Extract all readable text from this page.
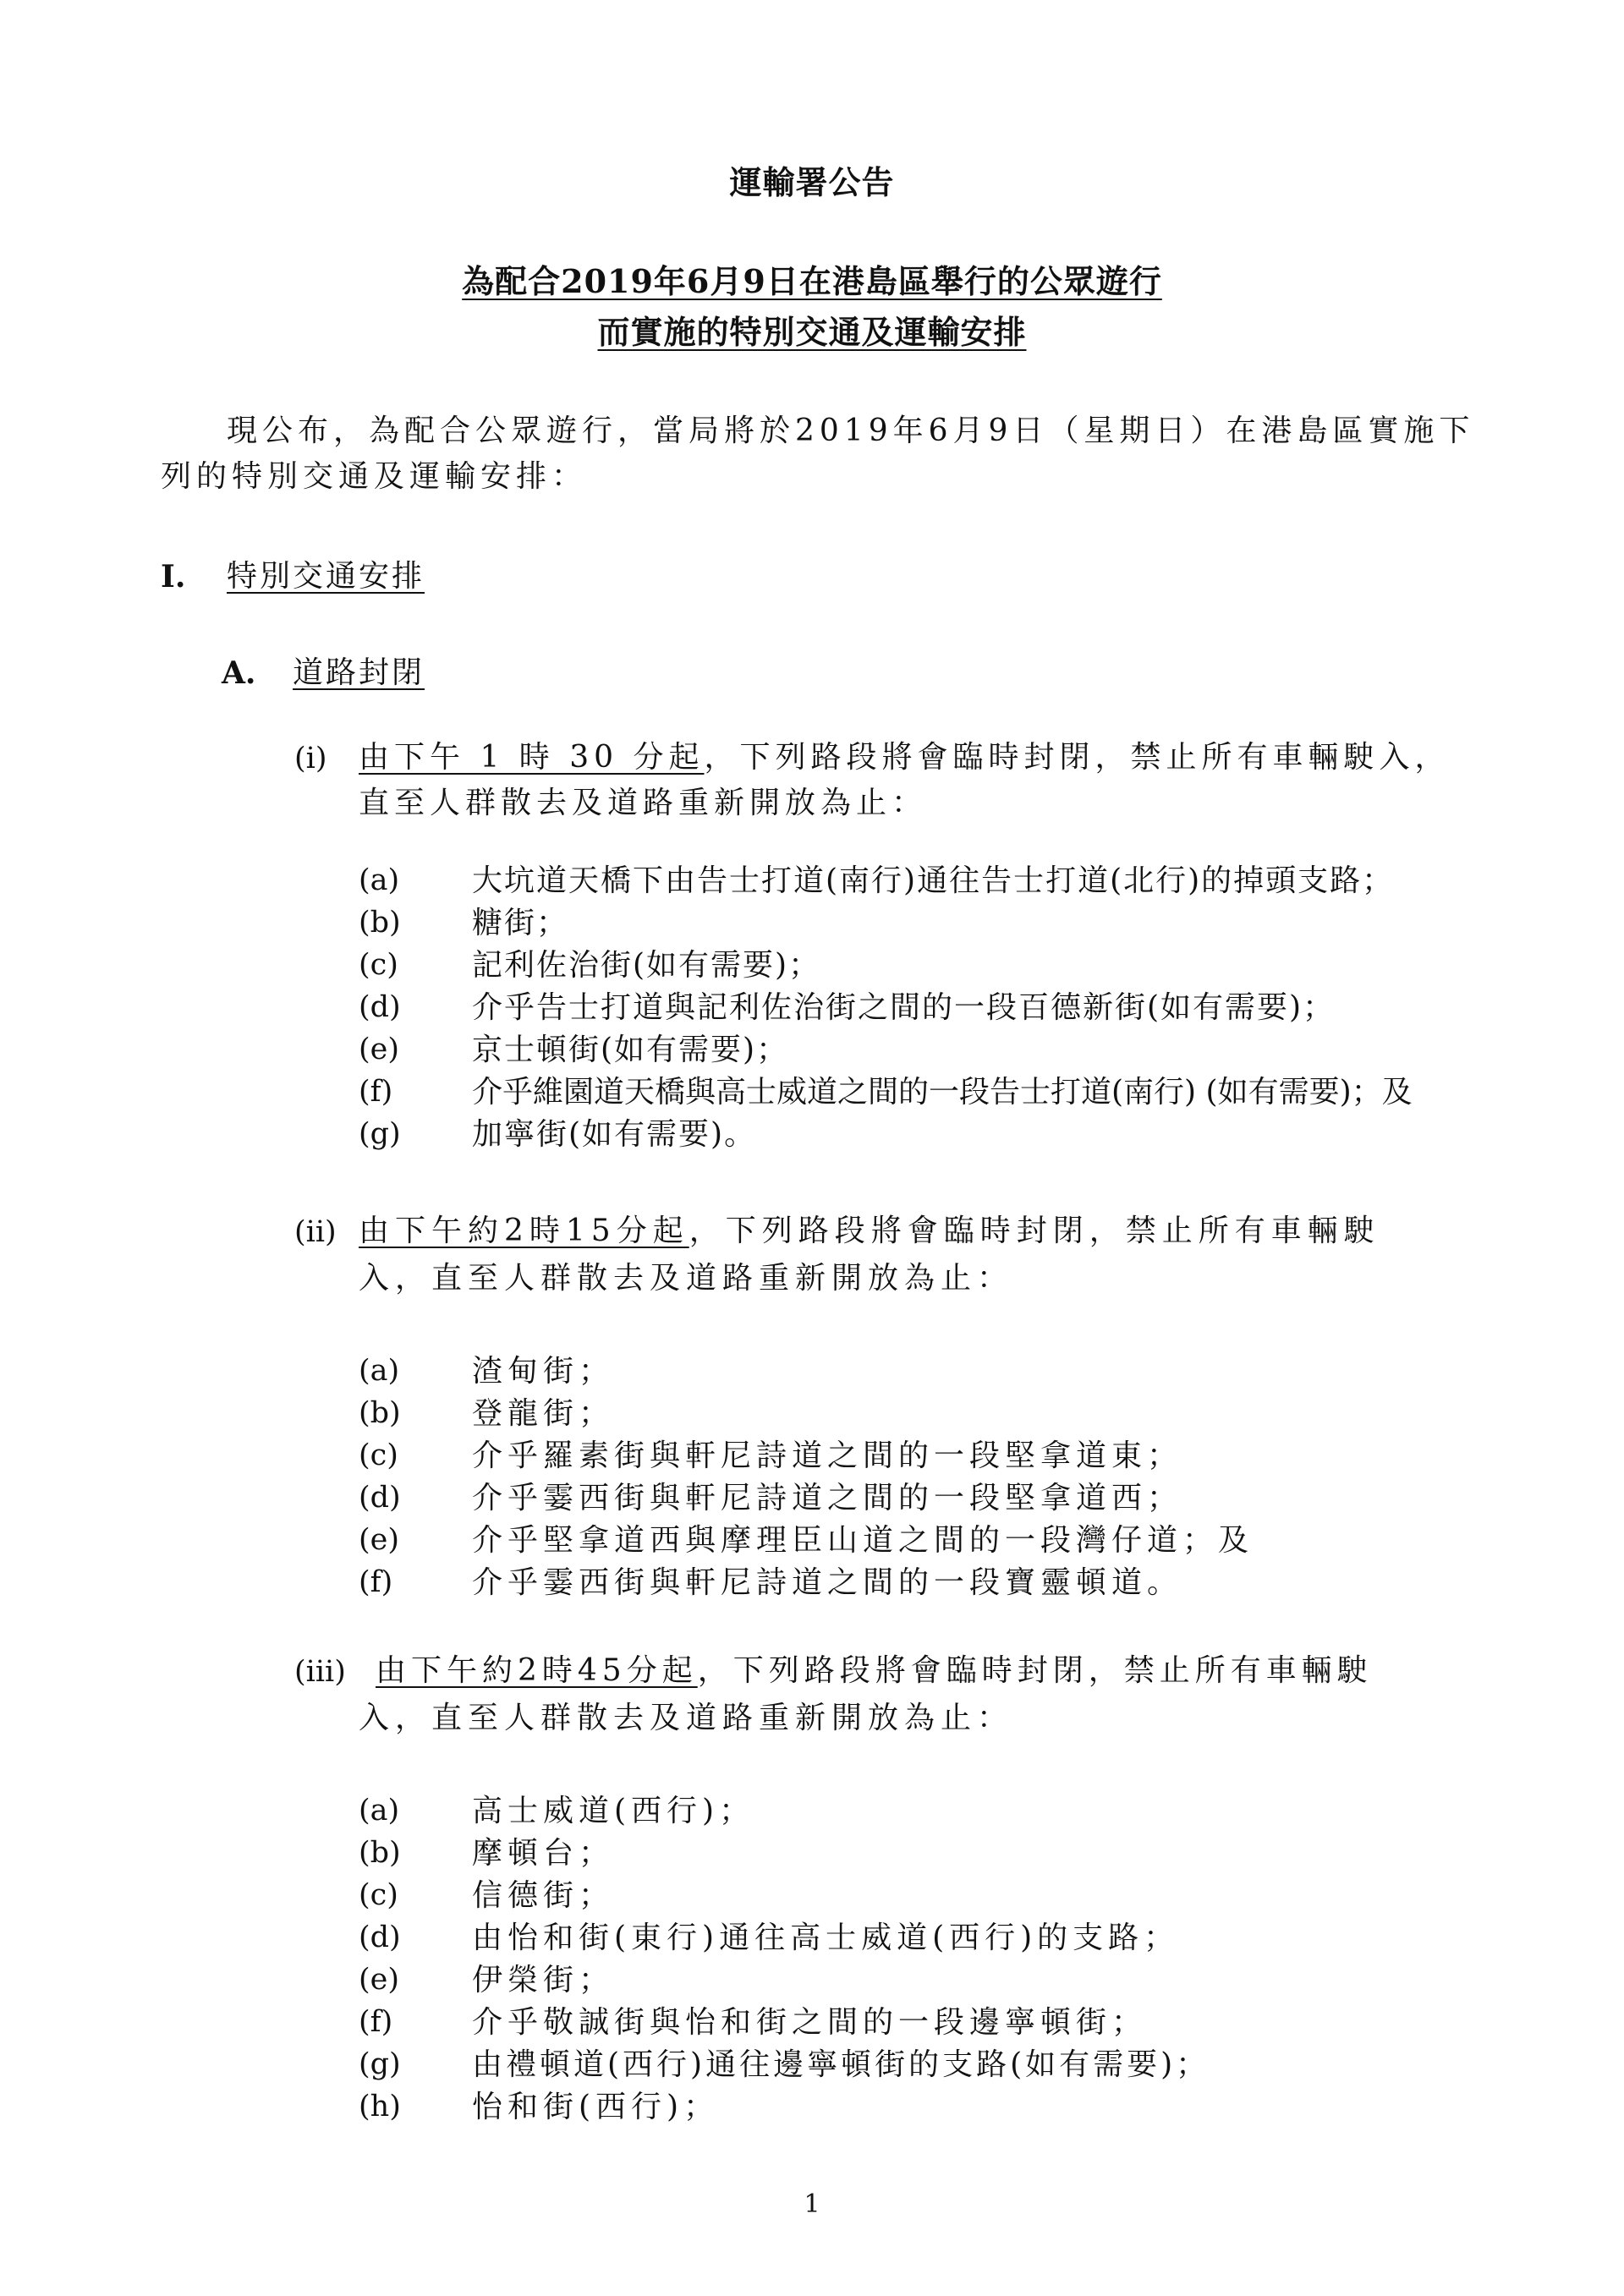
運輸署公告
為配合2019年6月9日在港島區舉行的公眾遊行
而實施的特別交通及運輸安排
現公布，為配合公眾遊行，當局將於2019年6月9日（星期日）在港島區實施下
列的特別交通及運輸安排：
I. 特別交通安排
A. 道路封閉
(i) 由下午 1 時 30 分起，下列路段將會臨時封閉，禁止所有車輛駛入，
直至人群散去及道路重新開放為止：
(a) 大坑道天橋下由告士打道(南行)通往告士打道(北行)的掉頭支路；
(b) 糖街；
(c) 記利佐治街(如有需要)；
(d) 介乎告士打道與記利佐治街之間的一段百德新街(如有需要)；
(e) 京士頓街(如有需要)；
(f)	介乎維園道天橋與高士威道之間的一段告士打道(南行) (如有需要)；及
(g) 加寧街(如有需要)。
(ii) 由下午約2時15分起，下列路段將會臨時封閉，禁止所有車輛駛
入，直至人群散去及道路重新開放為止：
(a) 渣甸街；
(b) 登龍街；
(c) 介乎羅素街與軒尼詩道之間的一段堅拿道東；
(d) 介乎霎西街與軒尼詩道之間的一段堅拿道西；
(e) 介乎堅拿道西與摩理臣山道之間的一段灣仔道；及
(f)	介乎霎西街與軒尼詩道之間的一段寶靈頓道。
(iii) 由下午約2時45分起，下列路段將會臨時封閉，禁止所有車輛駛
入，直至人群散去及道路重新開放為止：
(a) 高士威道(西行)；
(b) 摩頓台；
(c) 信德街；
(d) 由怡和街(東行)通往高士威道(西行)的支路；
(e) 伊榮街；
(f)	介乎敬誠街與怡和街之間的一段邊寧頓街；
(g) 由禮頓道(西行)通往邊寧頓街的支路(如有需要)；
(h) 怡和街(西行)；
1
